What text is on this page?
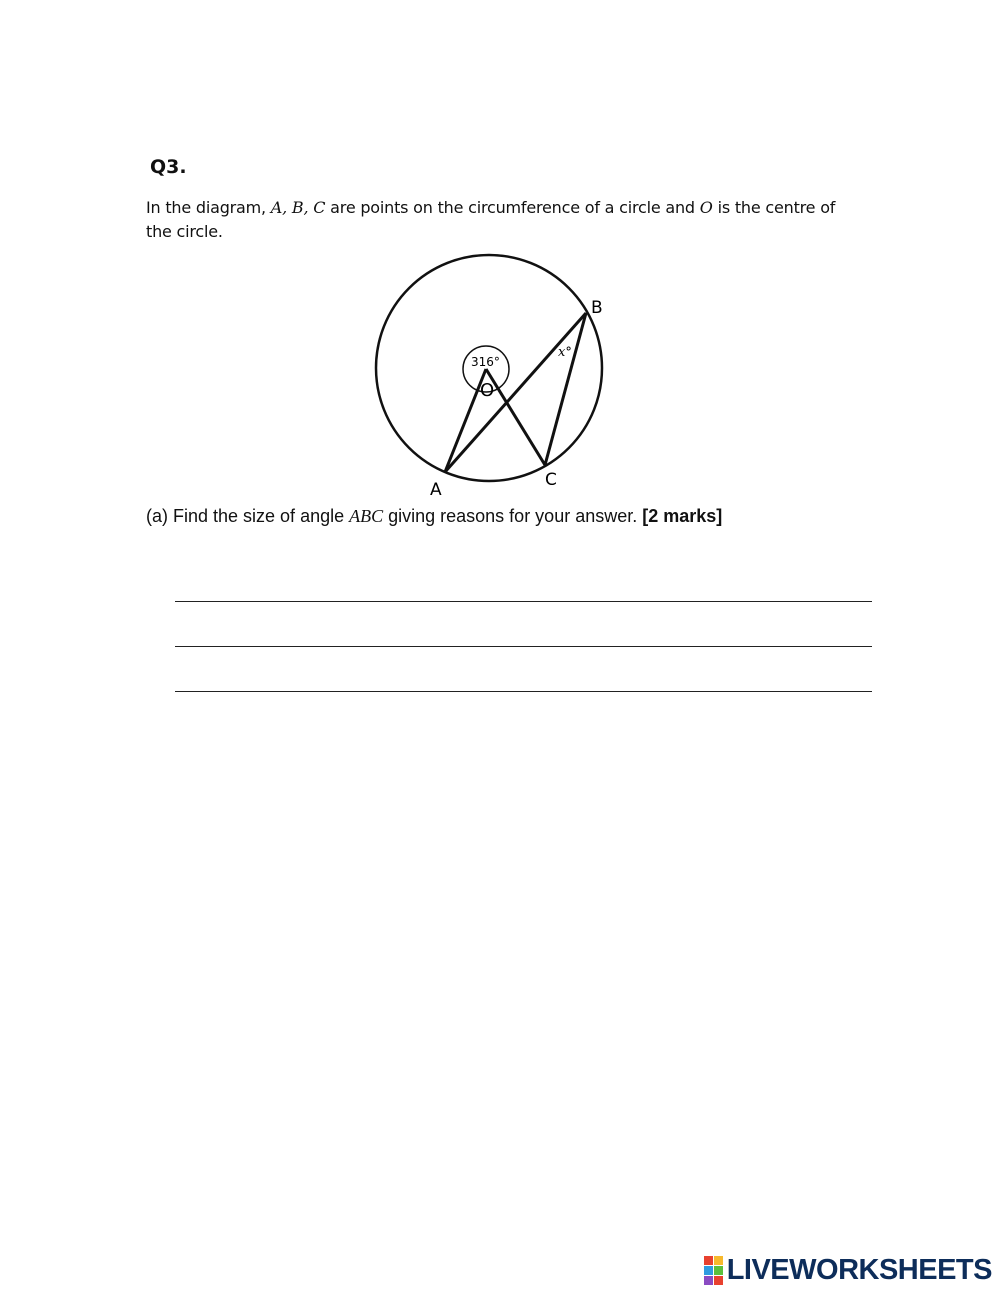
Q3.
In the diagram, A, B, C are points on the circumference of a circle and O is the centre of the circle.
316°
O
x°
B
A	C
(a) Find the size of angle ABC giving reasons for your answer. [2 marks]
LIVEWORKSHEETS
